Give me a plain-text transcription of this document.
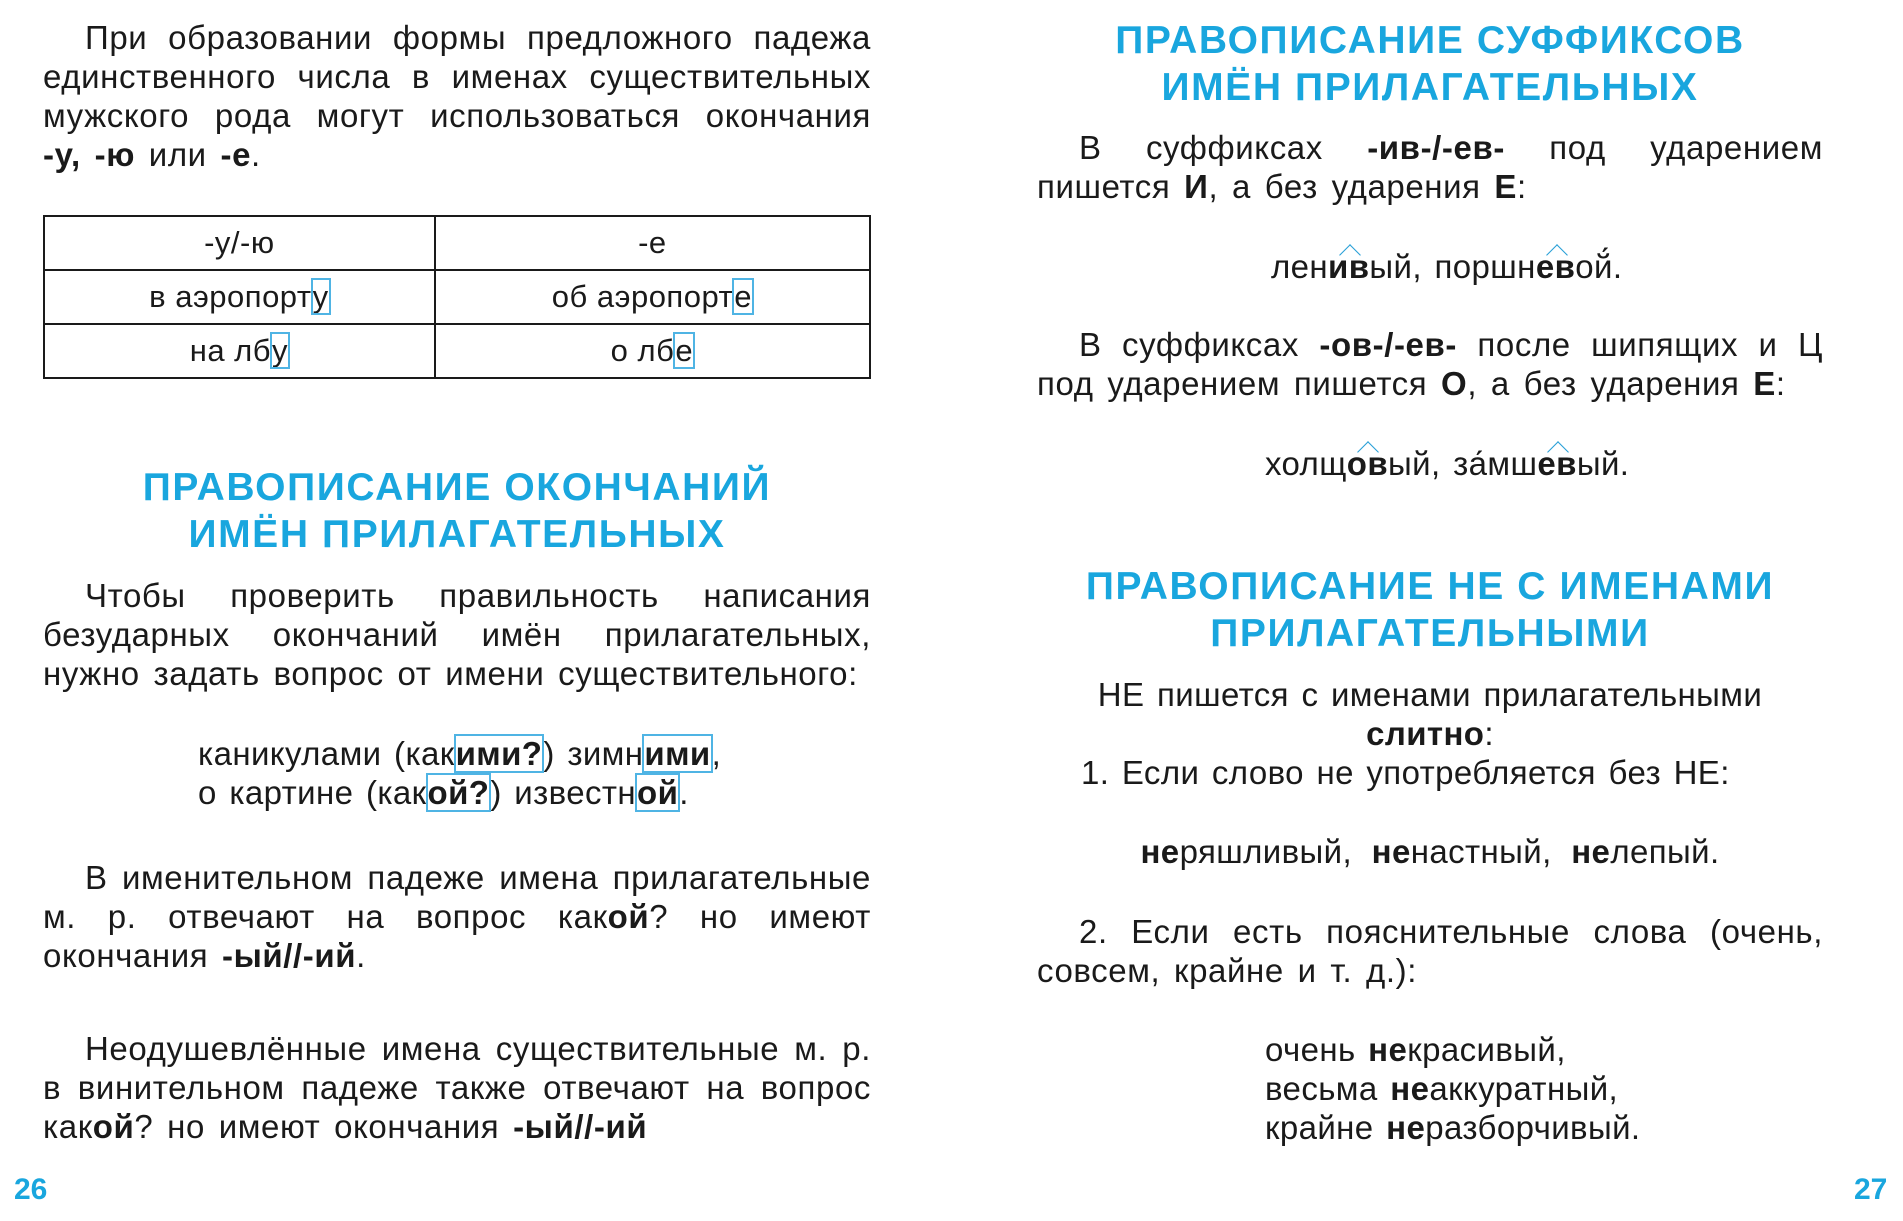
При образовании формы предложного падежа единственного числа в именах существительных мужского рода могут использоваться окончания -у, -ю или -е.

-у/-ю	-е
в аэропорту	об аэропорте
на лбу	о лбе
ПРАВОПИСАНИЕ ОКОНЧАНИЙ
ИМЁН ПРИЛАГАТЕЛЬНЫХ

Чтобы проверить правильность написания безударных окончаний имён прилагательных, нужно задать вопрос от имени существительного:

каникулами (какими?) зимними,

о картине (какой?) известной.

В именительном падеже имена прилагательные м. р. отвечают на вопрос какой? но имеют окончания -ый//-ий.

Неодушевлённые имена существительные м. р. в винительном падеже также отвечают на вопрос какой? но имеют окончания -ый//-ий

26
ПРАВОПИСАНИЕ СУФФИКСОВ
ИМЁН ПРИЛАГАТЕЛЬНЫХ

В суффиксах -ив-/-ев- под ударением пишется И, а без ударения Е:

ленивый, поршневой ́.

В суффиксах -ов-/-ев- после шипящих и Ц под ударением пишется О, а без ударения Е:

холщовый, за ́мшевый.

ПРАВОПИСАНИЕ НЕ С ИМЕНАМИ
ПРИЛАГАТЕЛЬНЫМИ
НЕ пишется с именами прилагательными
слитно:

1. Если слово не употребляется без НЕ:

неряшливый, ненастный, нелепый.

2. Если есть пояснительные слова (очень, совсем, крайне и т. д.):

очень некрасивый,

весьма неаккуратный,

крайне неразборчивый.

27
